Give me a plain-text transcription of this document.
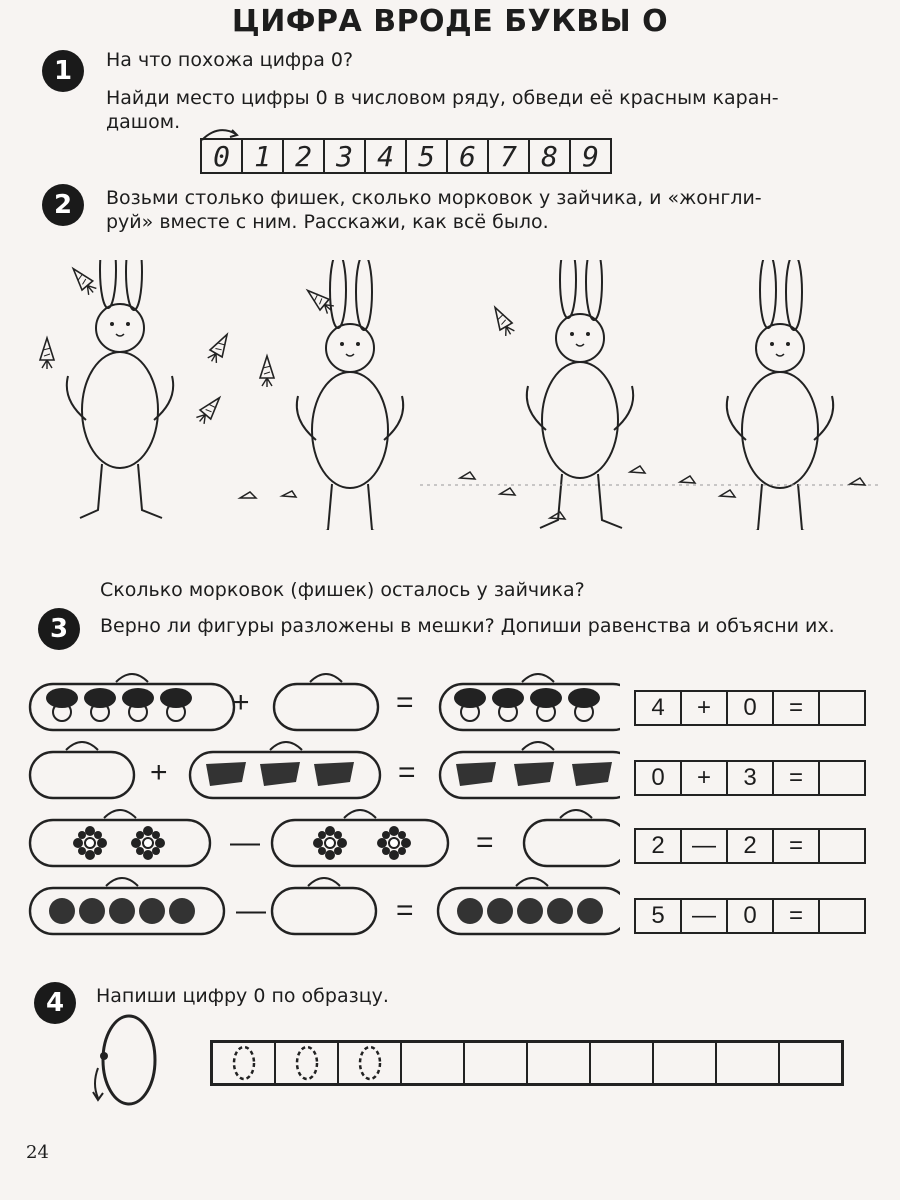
ЦИФРА ВРОДЕ БУКВЫ О
1	На что похожа цифра 0?
Найди место цифры 0 в числовом ряду, обведи её красным каран-
дашом.
0 1 2 3 4 5 6 7 8 9
2	Возьми столько фишек, сколько морковок у зайчика, и «жонгли-
руй» вместе с ним. Расскажи, как всё было.
Сколько морковок (фишек) осталось у зайчика?
3	Верно ли фигуры разложены в мешки? Допиши равенства и объясни их.
+	=
+	=
—	=
—	=
4	+	0	=
0	+	3	=
2	—	2	=
5	—	0	=
4	Напиши цифру 0 по образцу.
24
